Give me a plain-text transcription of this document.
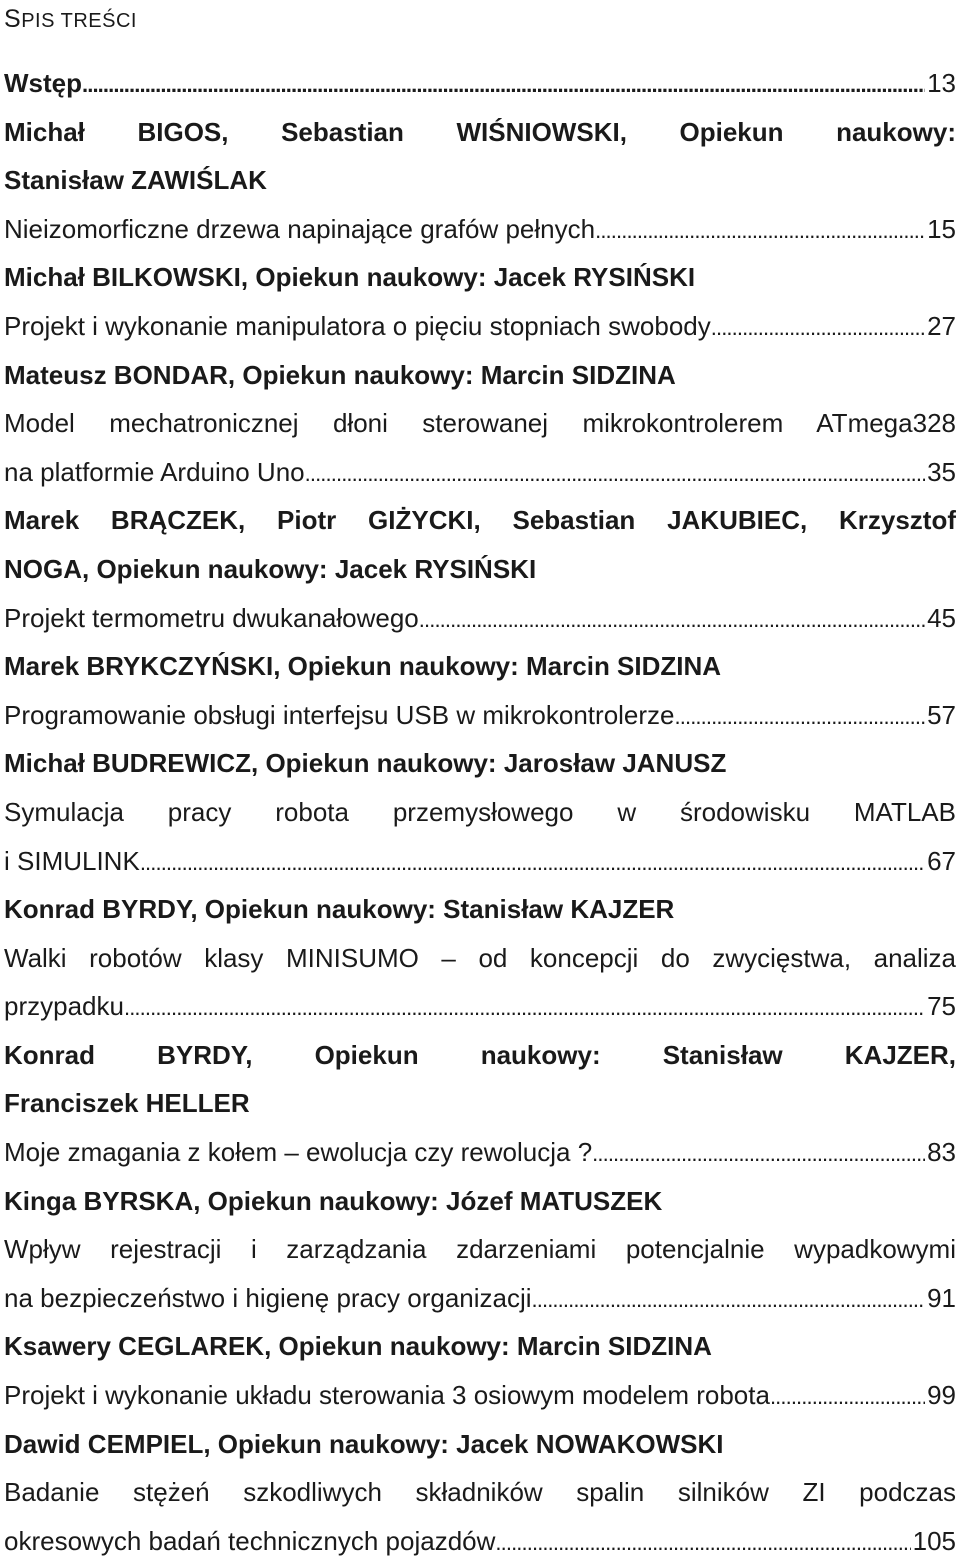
SPIS TREŚCI
Wstęp . . .	13
Michał BIGOS, Sebastian WIŚNIOWSKI, Opiekun naukowy:
Stanisław ZAWIŚLAK
Nieizomorficzne drzewa napinające grafów pełnych . . .	15
Michał BILKOWSKI, Opiekun naukowy: Jacek RYSIŃSKI
Projekt i wykonanie manipulatora o pięciu stopniach swobody . . .	27
Mateusz BONDAR, Opiekun naukowy: Marcin SIDZINA
Model mechatronicznej dłoni sterowanej mikrokontrolerem ATmega328
na platformie Arduino Uno . . .	35
Marek BRĄCZEK, Piotr GIŻYCKI, Sebastian JAKUBIEC, Krzysztof
NOGA, Opiekun naukowy: Jacek RYSIŃSKI
Projekt termometru dwukanałowego . . .	45
Marek BRYKCZYŃSKI, Opiekun naukowy: Marcin SIDZINA
Programowanie obsługi interfejsu USB w mikrokontrolerze . . .	57
Michał BUDREWICZ, Opiekun naukowy: Jarosław JANUSZ
Symulacja pracy robota przemysłowego w środowisku MATLAB
i SIMULINK . . .	67
Konrad BYRDY, Opiekun naukowy: Stanisław KAJZER
Walki robotów klasy MINISUMO – od koncepcji do zwycięstwa, analiza
przypadku . . .	75
Konrad BYRDY, Opiekun naukowy: Stanisław KAJZER,
Franciszek HELLER
Moje zmagania z kołem – ewolucja czy rewolucja ? . . .	83
Kinga BYRSKA, Opiekun naukowy: Józef MATUSZEK
Wpływ rejestracji i zarządzania zdarzeniami potencjalnie wypadkowymi
na bezpieczeństwo i higienę pracy organizacji . . .	91
Ksawery CEGLAREK, Opiekun naukowy: Marcin SIDZINA
Projekt i wykonanie układu sterowania 3 osiowym modelem robota . . .	99
Dawid CEMPIEL, Opiekun naukowy: Jacek NOWAKOWSKI
Badanie stężeń szkodliwych składników spalin silników ZI podczas
okresowych badań technicznych pojazdów . . .	105
